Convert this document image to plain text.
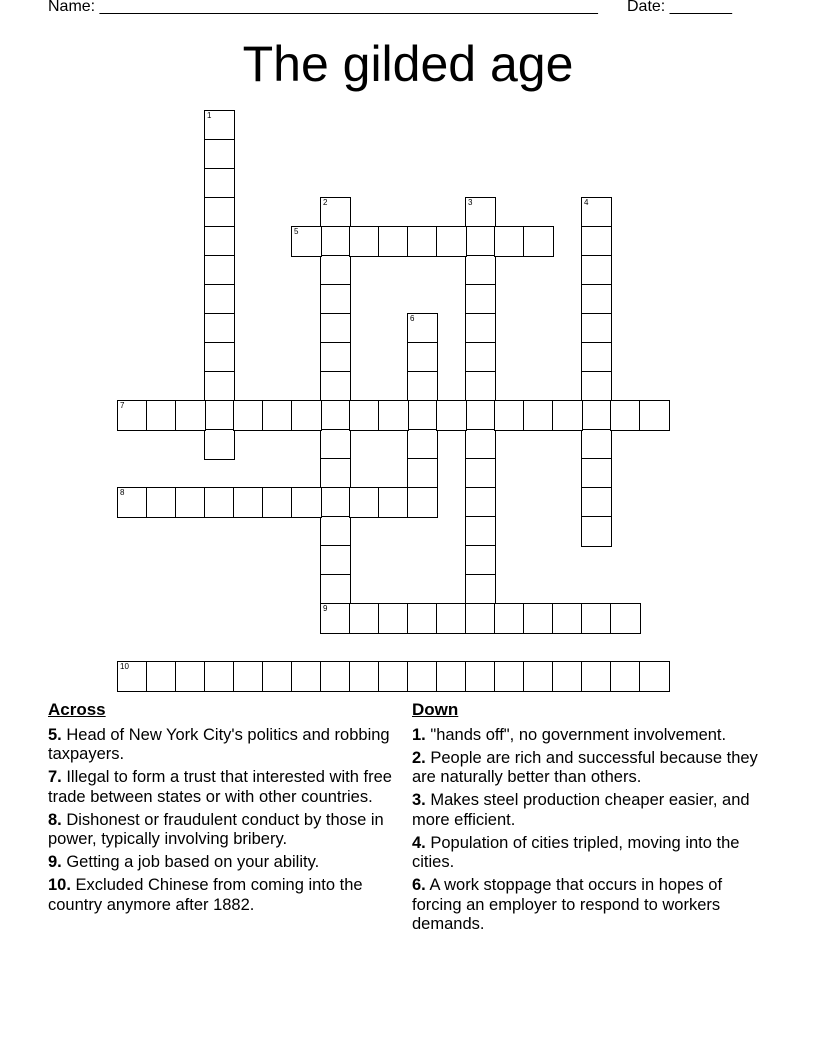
Name: ________________________________________________________ Date: _______
The gilded age
1
2
9
3	4
5
6
7
8
10
Across
5. Head of New York City's politics and robbing taxpayers.
7. Illegal to form a trust that interested with free trade between states or with other countries.
8. Dishonest or fraudulent conduct by those in power, typically involving bribery.
9. Getting a job based on your ability.
10. Excluded Chinese from coming into the country anymore after 1882.
Down
1. "hands off", no government involvement.
2. People are rich and successful because they are naturally better than others.
3. Makes steel production cheaper easier, and more efficient.
4. Population of cities tripled, moving into the cities.
6. A work stoppage that occurs in hopes of forcing an employer to respond to workers demands.
